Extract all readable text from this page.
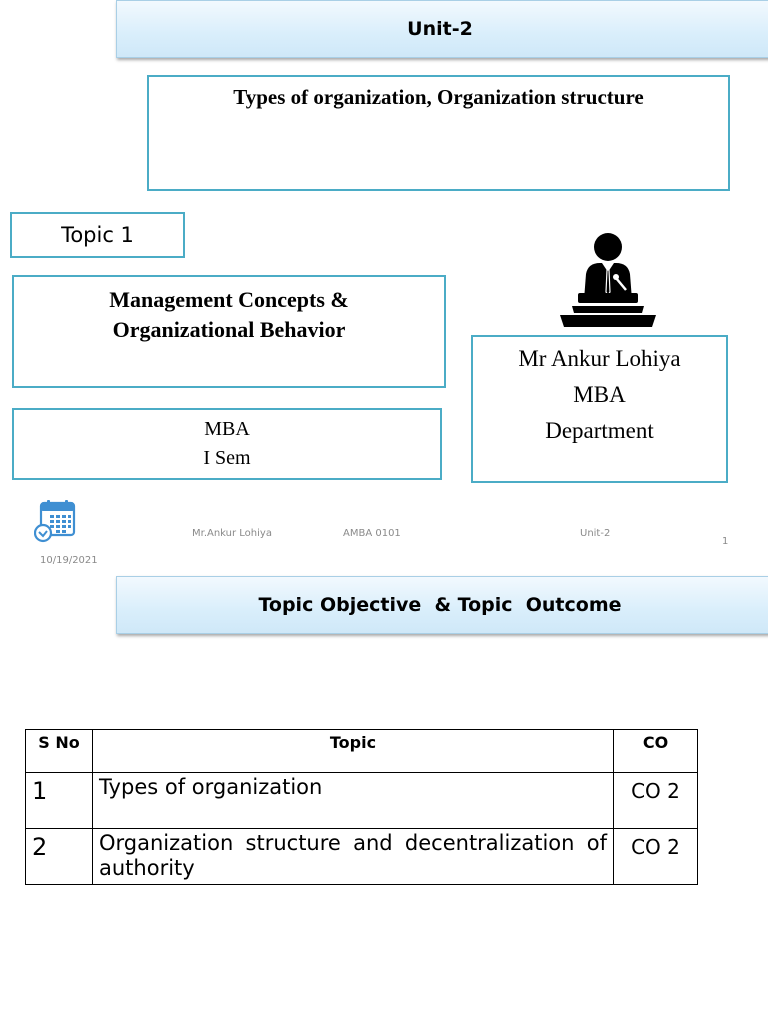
Unit-2

Types of organization, Organization structure

Topic 1

Management Concepts &
Organizational Behavior

MBA
I Sem

Mr Ankur Lohiya
MBA
Department

Mr.Ankur Lohiya	AMBA 0101	Unit-2
1
10/19/2021
Topic Objective  & Topic  Outcome
S No	Topic	CO
1	Types of organization	CO 2
2	Organization structure and decentralization of authority	CO 2
